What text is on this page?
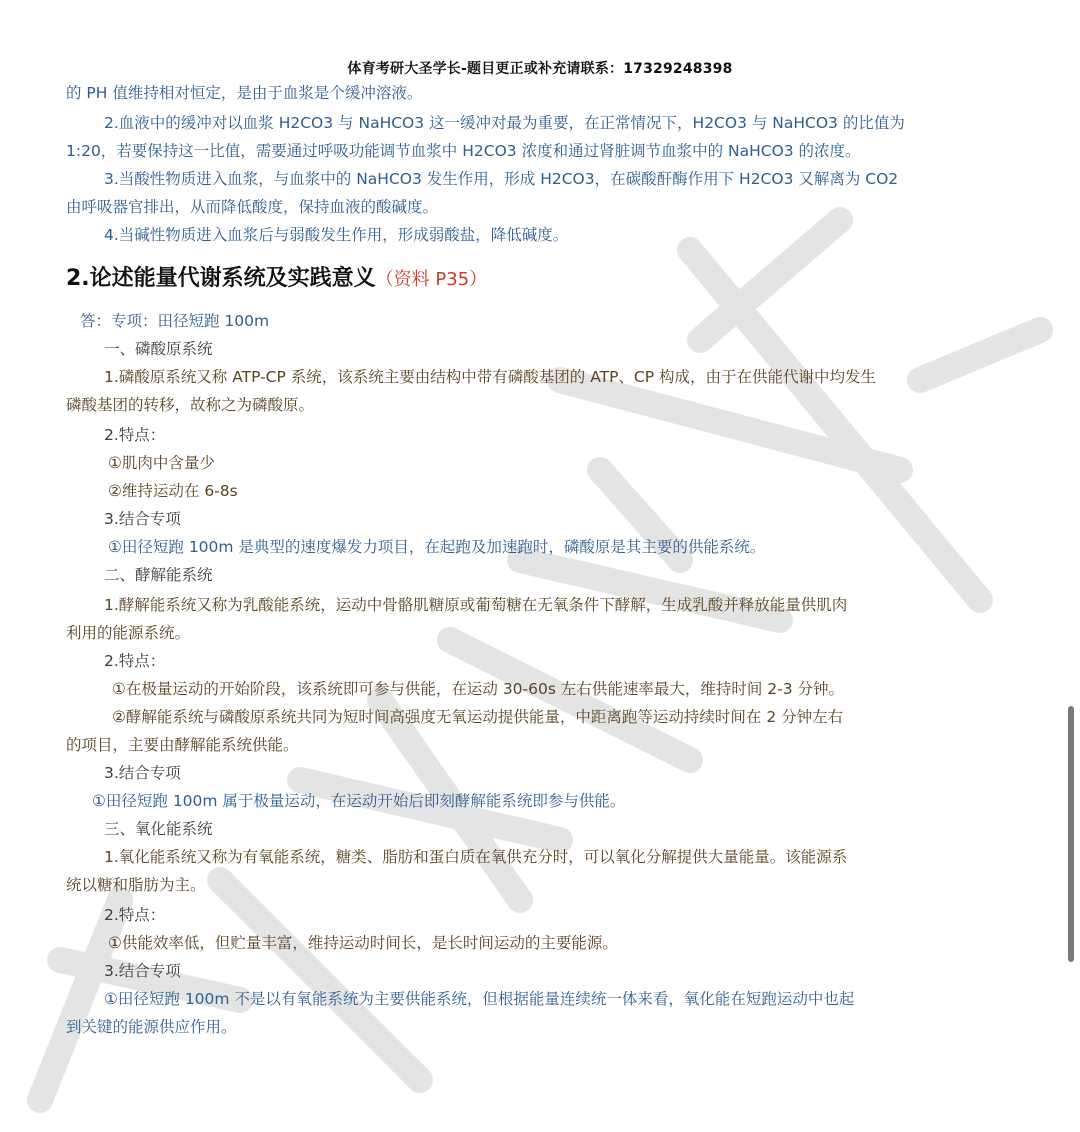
体育考研大圣学长-题目更正或补充请联系：17329248398
的 PH 值维持相对恒定，是由于血浆是个缓冲溶液。
2.血液中的缓冲对以血浆 H2CO3 与 NaHCO3 这一缓冲对最为重要，在正常情况下，H2CO3 与 NaHCO3 的比值为
1:20，若要保持这一比值，需要通过呼吸功能调节血浆中 H2CO3 浓度和通过肾脏调节血浆中的 NaHCO3 的浓度。
3.当酸性物质进入血浆，与血浆中的 NaHCO3 发生作用，形成 H2CO3，在碳酸酐酶作用下 H2CO3 又解离为 CO2
由呼吸器官排出，从而降低酸度，保持血液的酸碱度。
4.当碱性物质进入血浆后与弱酸发生作用，形成弱酸盐，降低碱度。
2.论述能量代谢系统及实践意义（资料 P35）
答：专项：田径短跑 100m
一、磷酸原系统
1.磷酸原系统又称 ATP-CP 系统，该系统主要由结构中带有磷酸基团的 ATP、CP 构成，由于在供能代谢中均发生
磷酸基团的转移，故称之为磷酸原。
2.特点：
①肌肉中含量少
②维持运动在 6-8s
3.结合专项
①田径短跑 100m 是典型的速度爆发力项目，在起跑及加速跑时，磷酸原是其主要的供能系统。
二、酵解能系统
1.酵解能系统又称为乳酸能系统，运动中骨骼肌糖原或葡萄糖在无氧条件下酵解，生成乳酸并释放能量供肌肉
利用的能源系统。
2.特点：
①在极量运动的开始阶段，该系统即可参与供能，在运动 30-60s 左右供能速率最大，维持时间 2-3 分钟。
②酵解能系统与磷酸原系统共同为短时间高强度无氧运动提供能量，中距离跑等运动持续时间在 2 分钟左右
的项目，主要由酵解能系统供能。
3.结合专项
①田径短跑 100m 属于极量运动，在运动开始后即刻酵解能系统即参与供能。
三、氧化能系统
1.氧化能系统又称为有氧能系统，糖类、脂肪和蛋白质在氧供充分时，可以氧化分解提供大量能量。该能源系
统以糖和脂肪为主。
2.特点：
①供能效率低，但贮量丰富，维持运动时间长，是长时间运动的主要能源。
3.结合专项
①田径短跑 100m 不是以有氧能系统为主要供能系统，但根据能量连续统一体来看，氧化能在短跑运动中也起
到关键的能源供应作用。
